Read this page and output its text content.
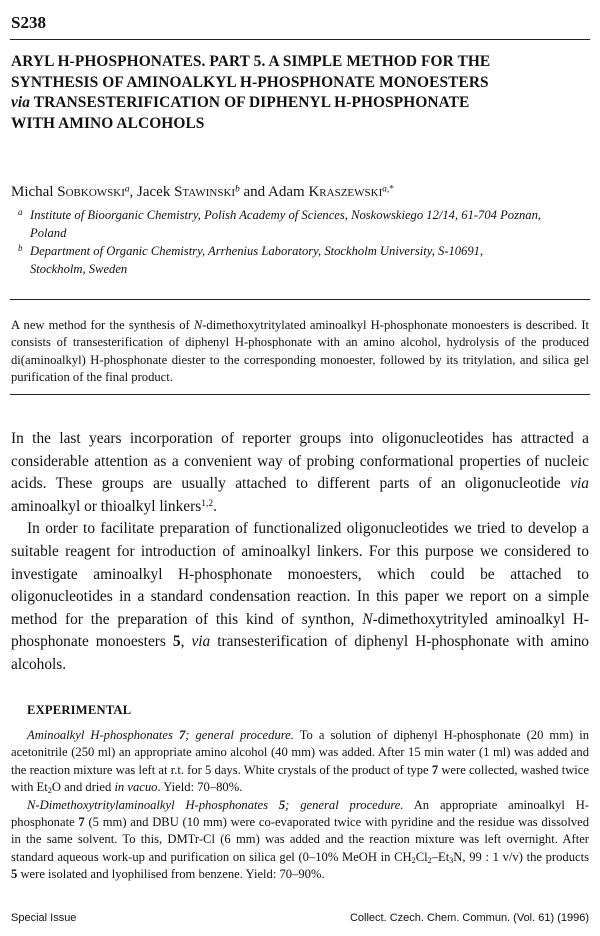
S238
ARYL H-PHOSPHONATES. PART 5. A SIMPLE METHOD FOR THE
SYNTHESIS OF AMINOALKYL H-PHOSPHONATE MONOESTERS
via TRANSESTERIFICATION OF DIPHENYL H-PHOSPHONATE
WITH AMINO ALCOHOLS
Michal Sobkowski$^a$, Jacek Stawinski$^b$ and Adam Kraszewski$^{a,*}$
a Institute of Bioorganic Chemistry, Polish Academy of Sciences, Noskowskiego 12/14, 61-704 Poznan,
Poland
b Department of Organic Chemistry, Arrhenius Laboratory, Stockholm University, S-10691,
Stockholm, Sweden
A new method for the synthesis of N-dimethoxytritylated aminoalkyl H-phosphonate monoesters is described. It consists of transesterification of diphenyl H-phosphonate with an amino alcohol, hydrolysis of the produced di(aminoalkyl) H-phosphonate diester to the corresponding monoester, followed by its tritylation, and silica gel purification of the final product.

In the last years incorporation of reporter groups into oligonucleotides has attracted a considerable attention as a convenient way of probing conformational properties of nucleic acids. These groups are usually attached to different parts of an oligonucleotide via aminoalkyl or thioalkyl linkers$^{1,2}$.

In order to facilitate preparation of functionalized oligonucleotides we tried to develop a suitable reagent for introduction of aminoalkyl linkers. For this purpose we considered to investigate aminoalkyl H-phosphonate monoesters, which could be attached to oligonucleotides in a standard condensation reaction. In this paper we report on a simple method for the preparation of this kind of synthon, N-dimethoxytrityled aminoalkyl H-phosphonate monoesters 5, via transesterification of diphenyl H-phosphonate with amino alcohols.

EXPERIMENTAL

Aminoalkyl H-phosphonates 7; general procedure. To a solution of diphenyl H-phosphonate (20 mm) in acetonitrile (250 ml) an appropriate amino alcohol (40 mm) was added. After 15 min water (1 ml) was added and the reaction mixture was left at r.t. for 5 days. White crystals of the product of type 7 were collected, washed twice with $Et_2O$ and dried in vacuo. Yield: 70–80%.

N-Dimethoxytritylaminoalkyl H-phosphonates 5; general procedure. An appropriate aminoalkyl H-phosphonate 7 (5 mm) and DBU (10 mm) were co-evaporated twice with pyridine and the residue was dissolved in the same solvent. To this, DMTr-Cl (6 mm) was added and the reaction mixture was left overnight. After standard aqueous work-up and purification on silica gel (0–10% MeOH in $CH_2Cl_2-Et_3N$, 99 : 1 v/v) the products 5 were isolated and lyophilised from benzene. Yield: 70–90%.

Special Issue	Collect. Czech. Chem. Commun. (Vol. 61) (1996)
